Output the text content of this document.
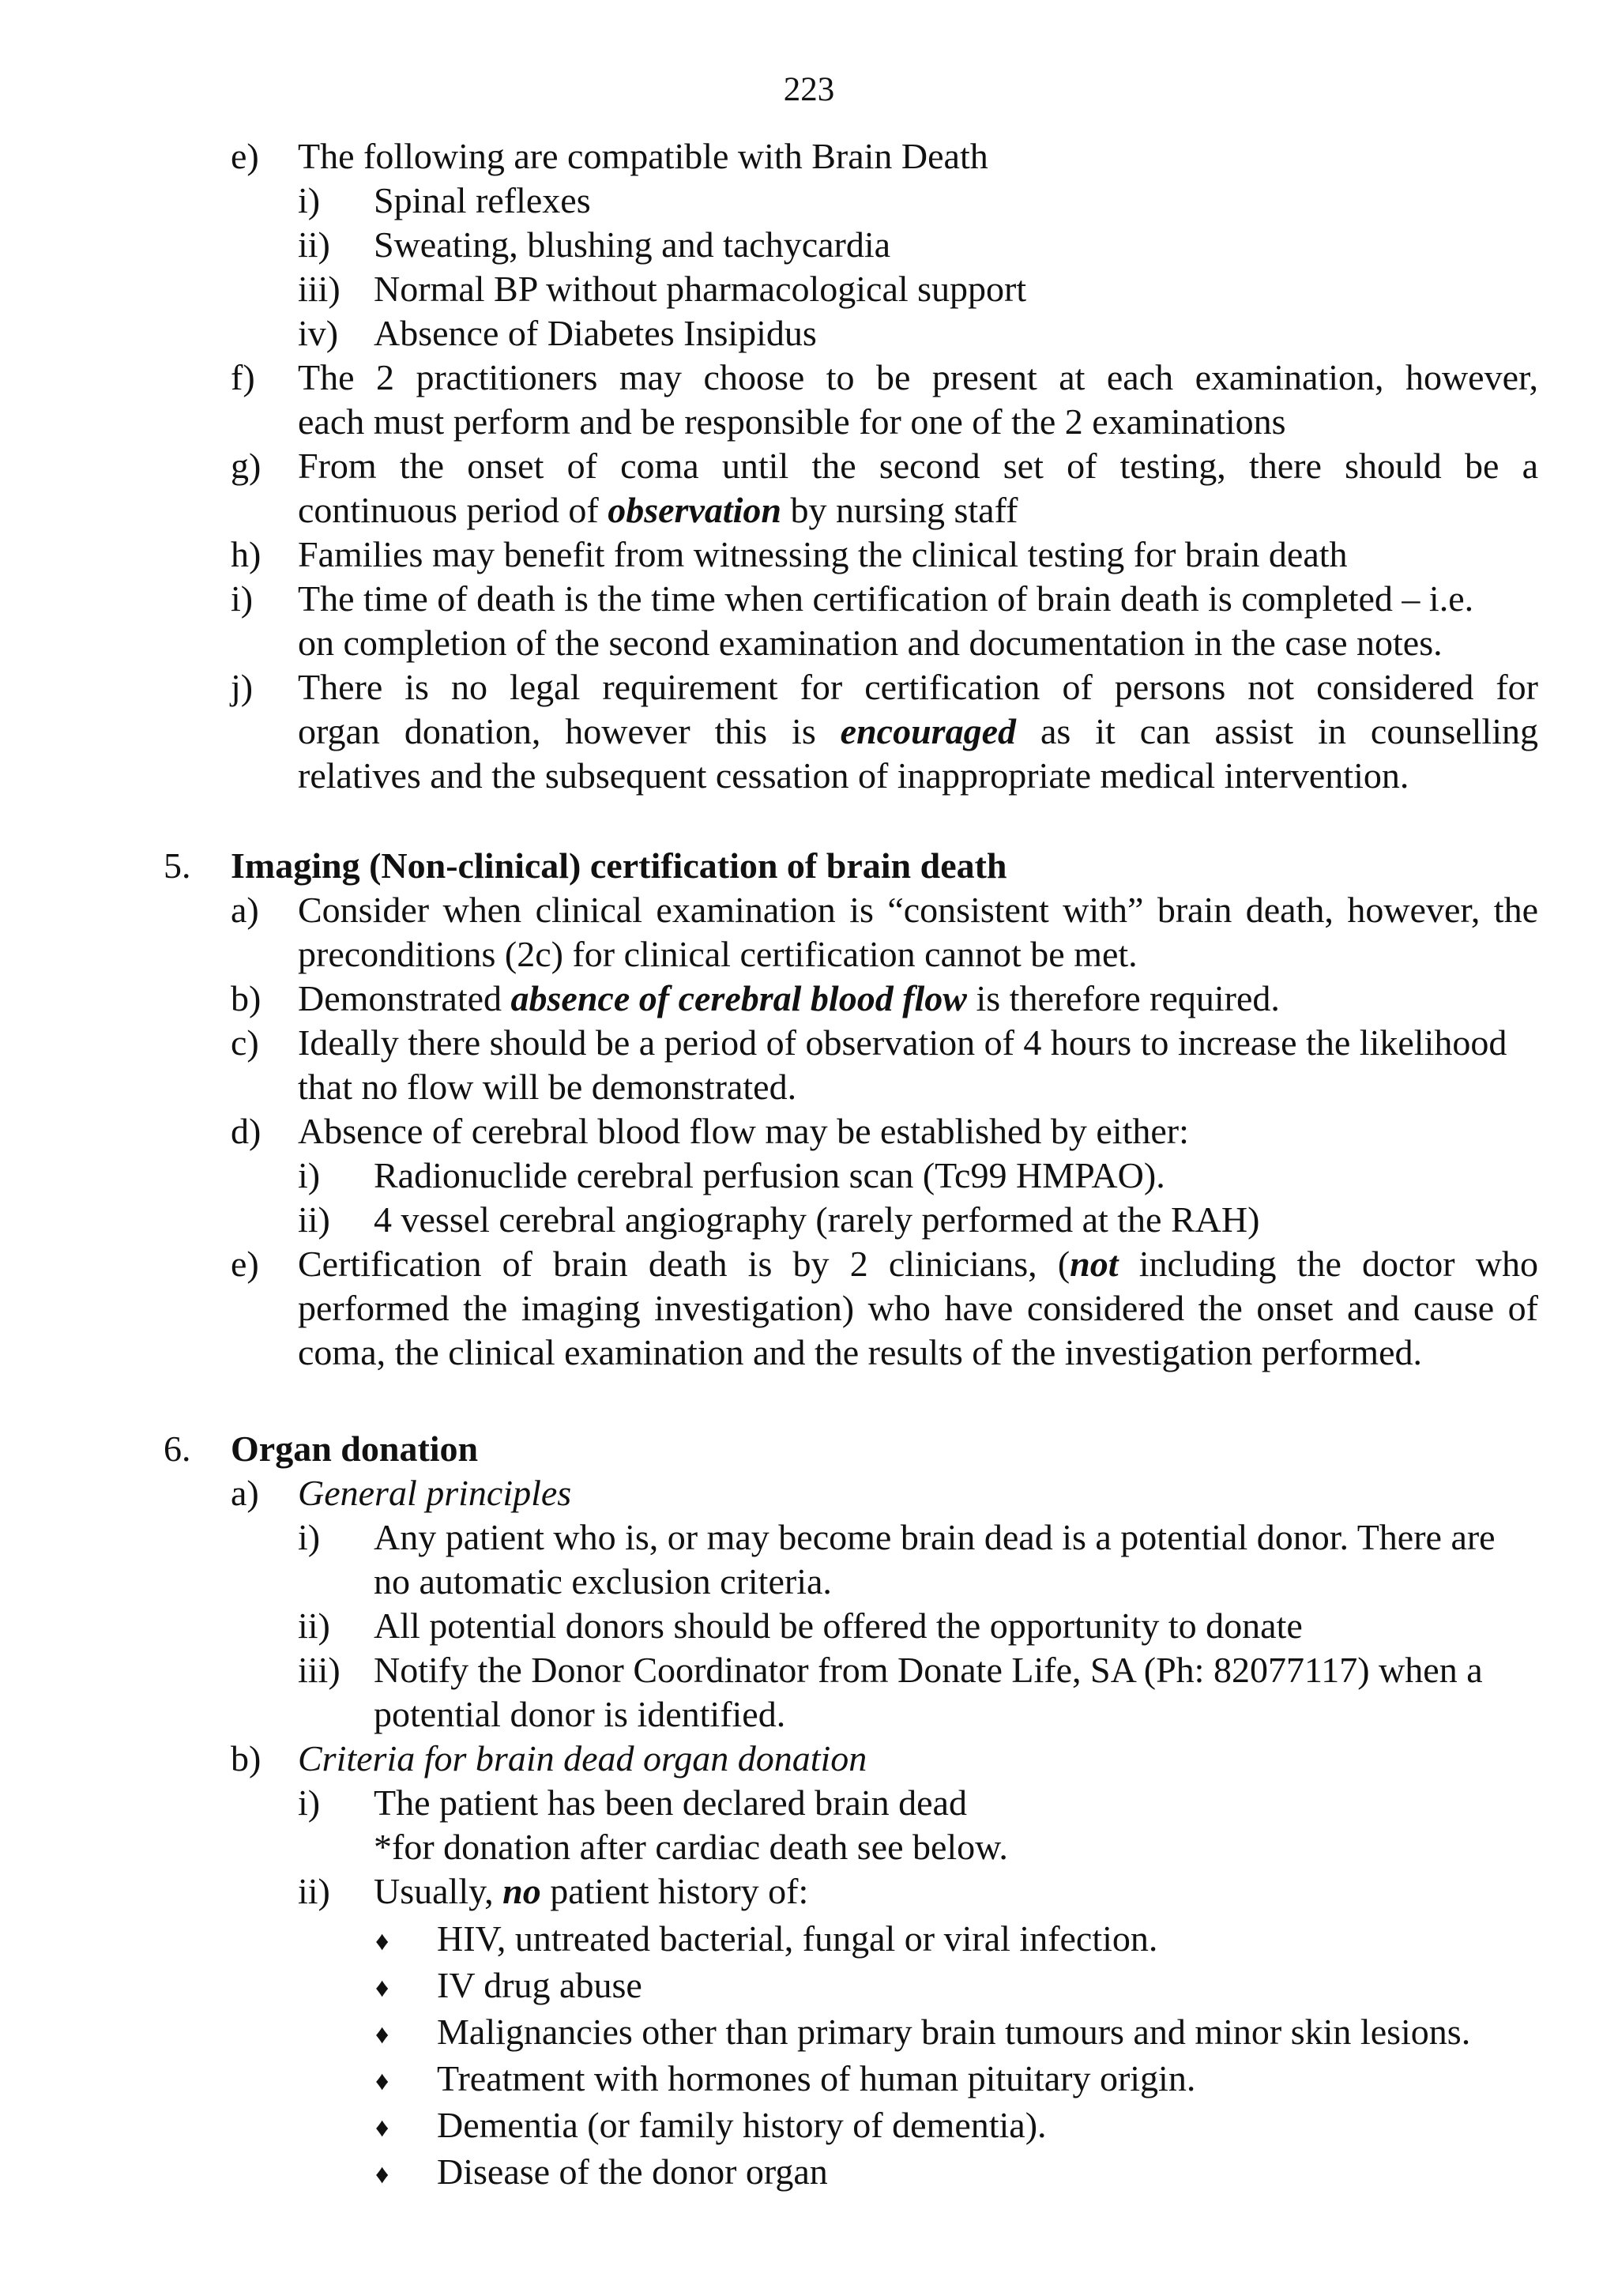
223
e) The following are compatible with Brain Death
i) Spinal reflexes
ii) Sweating, blushing and tachycardia
iii) Normal BP without pharmacological support
iv) Absence of Diabetes Insipidus
f) The 2 practitioners may choose to be present at each examination, however,
each must perform and be responsible for one of the 2 examinations
g) From the onset of coma until the second set of testing, there should be a
continuous period of observation by nursing staff
h) Families may benefit from witnessing the clinical testing for brain death
i) The time of death is the time when certification of brain death is completed – i.e.
on completion of the second examination and documentation in the case notes.
j) There is no legal requirement for certification of persons not considered for
organ donation, however this is encouraged as it can assist in counselling
relatives and the subsequent cessation of inappropriate medical intervention.
5. Imaging (Non-clinical) certification of brain death
a) Consider when clinical examination is “consistent with” brain death, however, the
preconditions (2c) for clinical certification cannot be met.
b) Demonstrated absence of cerebral blood flow is therefore required.
c) Ideally there should be a period of observation of 4 hours to increase the likelihood
that no flow will be demonstrated.
d) Absence of cerebral blood flow may be established by either:
i) Radionuclide cerebral perfusion scan (Tc99 HMPAO).
ii) 4 vessel cerebral angiography (rarely performed at the RAH)
e) Certification of brain death is by 2 clinicians, (not including the doctor who
performed the imaging investigation) who have considered the onset and cause of
coma, the clinical examination and the results of the investigation performed.
6. Organ donation
a) General principles
i) Any patient who is, or may become brain dead is a potential donor. There are
no automatic exclusion criteria.
ii) All potential donors should be offered the opportunity to donate
iii) Notify the Donor Coordinator from Donate Life, SA (Ph: 82077117) when a
potential donor is identified.
b) Criteria for brain dead organ donation
i) The patient has been declared brain dead
*for donation after cardiac death see below.
ii) Usually, no patient history of:
♦ HIV, untreated bacterial, fungal or viral infection.
♦ IV drug abuse
♦ Malignancies other than primary brain tumours and minor skin lesions.
♦ Treatment with hormones of human pituitary origin.
♦ Dementia (or family history of dementia).
♦ Disease of the donor organ
